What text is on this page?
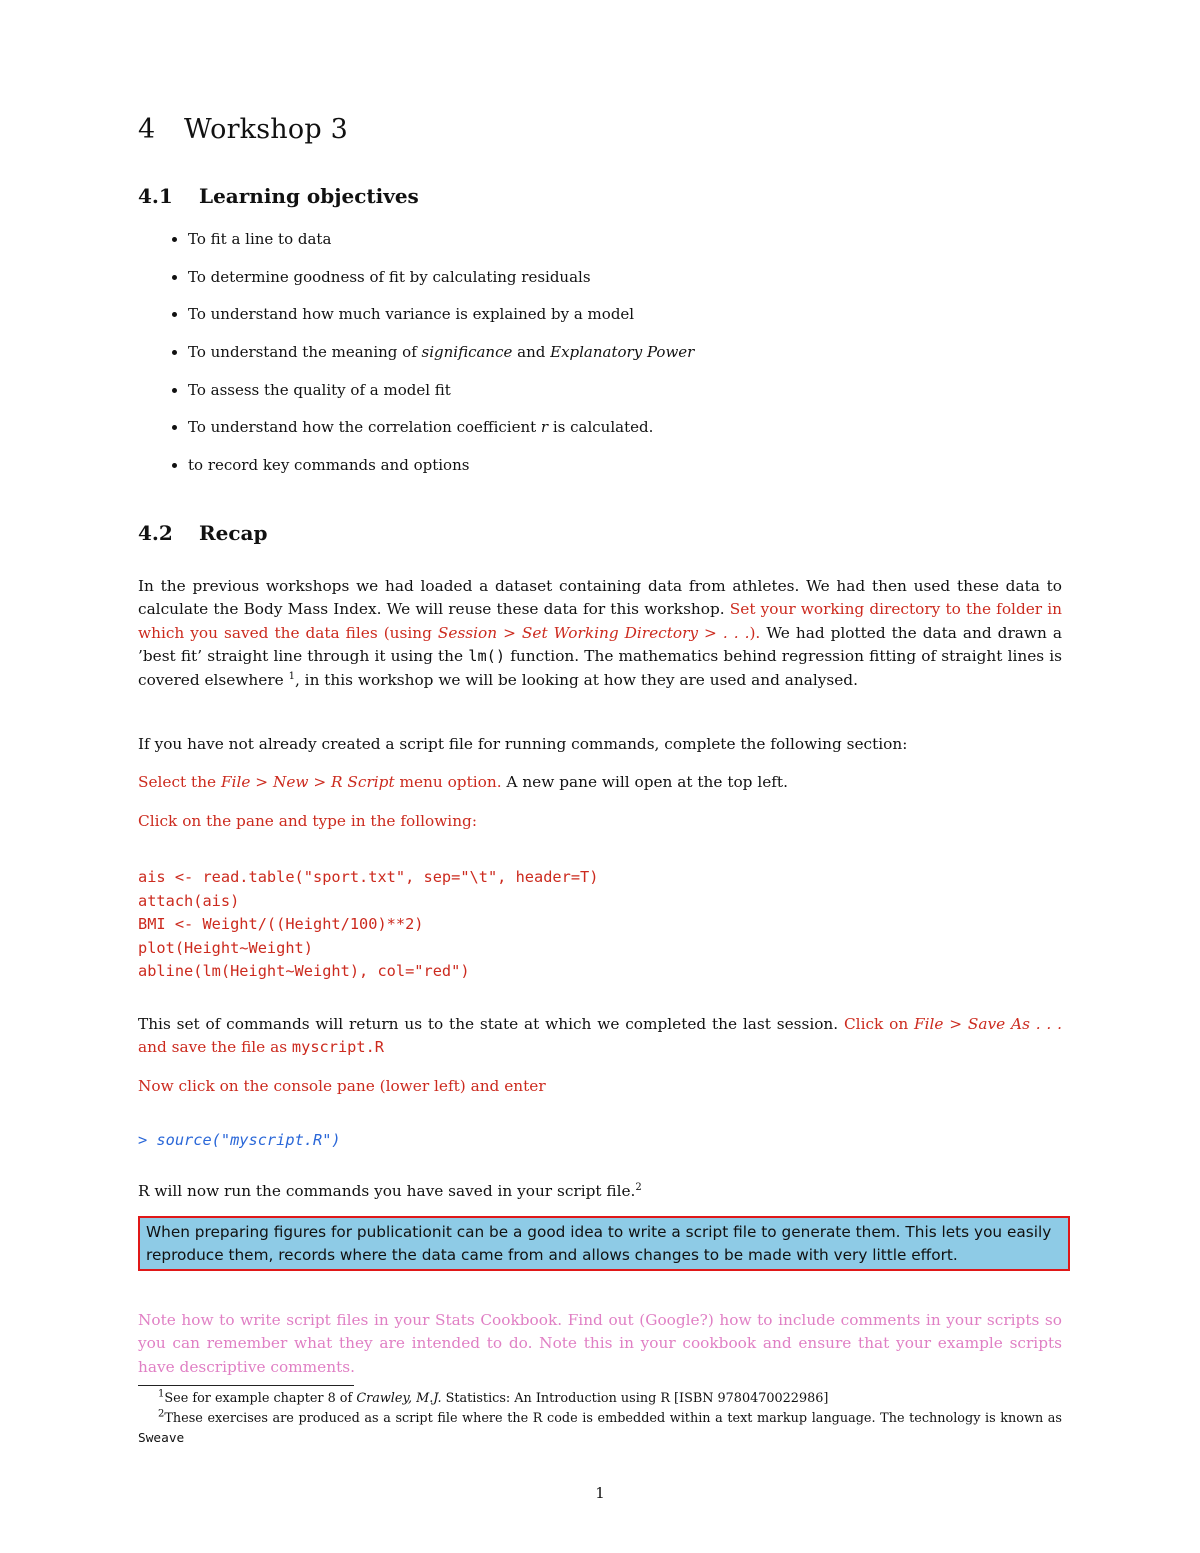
4 Workshop 3
4.1 Learning objectives
To fit a line to data
To determine goodness of fit by calculating residuals
To understand how much variance is explained by a model
To understand the meaning of significance and Explanatory Power
To assess the quality of a model fit
To understand how the correlation coefficient r is calculated.
to record key commands and options
4.2 Recap

In the previous workshops we had loaded a dataset containing data from athletes. We had then used these data to calculate the Body Mass Index. We will reuse these data for this workshop. Set your working directory to the folder in which you saved the data files (using Session > Set Working Directory > . . .). We had plotted the data and drawn a ’best fit’ straight line through it using the lm() function. The mathematics behind regression fitting of straight lines is covered elsewhere $^1$, in this workshop we will be looking at how they are used and analysed.

If you have not already created a script file for running commands, complete the following section:

Select the File > New > R Script menu option. A new pane will open at the top left.

Click on the pane and type in the following:

ais <- read.table("sport.txt", sep="\t", header=T)
attach(ais)
BMI <- Weight/((Height/100)**2)
plot(Height~Weight)
abline(lm(Height~Weight), col="red")

This set of commands will return us to the state at which we completed the last session. Click on File > Save As . . . and save the file as myscript.R

Now click on the console pane (lower left) and enter

> source("myscript.R")

R will now run the commands you have saved in your script file.$^2$

When preparing figures for publicationit can be a good idea to write a script file to generate them. This lets you easily reproduce them, records where the data came from and allows changes to be made with very little effort.

Note how to write script files in your Stats Cookbook. Find out (Google?) how to include comments in your scripts so you can remember what they are intended to do. Note this in your cookbook and ensure that your example scripts have descriptive comments.

$^1$See for example chapter 8 of Crawley, M.J. Statistics: An Introduction using R [ISBN 9780470022986]
$^2$These exercises are produced as a script file where the R code is embedded within a text markup language. The technology is known as Sweave
1
